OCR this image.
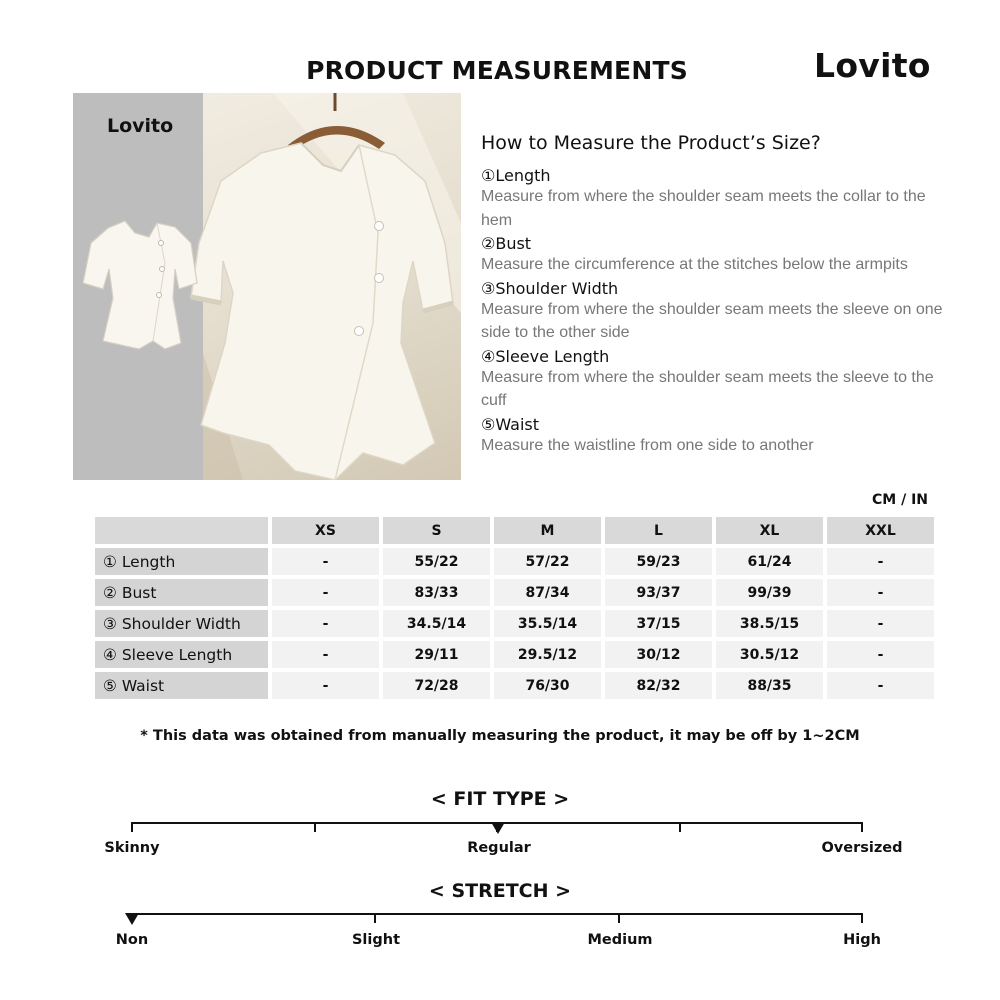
PRODUCT MEASUREMENTS	Lovito
Lovito
How to Measure the Product’s Size?
①Length
Measure from where the shoulder seam meets the collar to the hem
②Bust
Measure the circumference at the stitches below the armpits
③Shoulder Width
Measure from where the shoulder seam meets the sleeve on one side to the other side
④Sleeve Length
Measure from where the shoulder seam meets the sleeve to the cuff
⑤Waist
Measure the waistline from one side to another
CM / IN
	XS	S	M	L	XL	XXL
① Length	-	55/22	57/22	59/23	61/24	-
② Bust	-	83/33	87/34	93/37	99/39	-
③ Shoulder Width	-	34.5/14	35.5/14	37/15	38.5/15	-
④ Sleeve Length	-	29/11	29.5/12	30/12	30.5/12	-
⑤ Waist	-	72/28	76/30	82/32	88/35	-
* This data was obtained from manually measuring the product, it may be off by 1~2CM
< FIT TYPE >
Skinny	Regular	Oversized
< STRETCH >
Non	Slight	Medium	High
